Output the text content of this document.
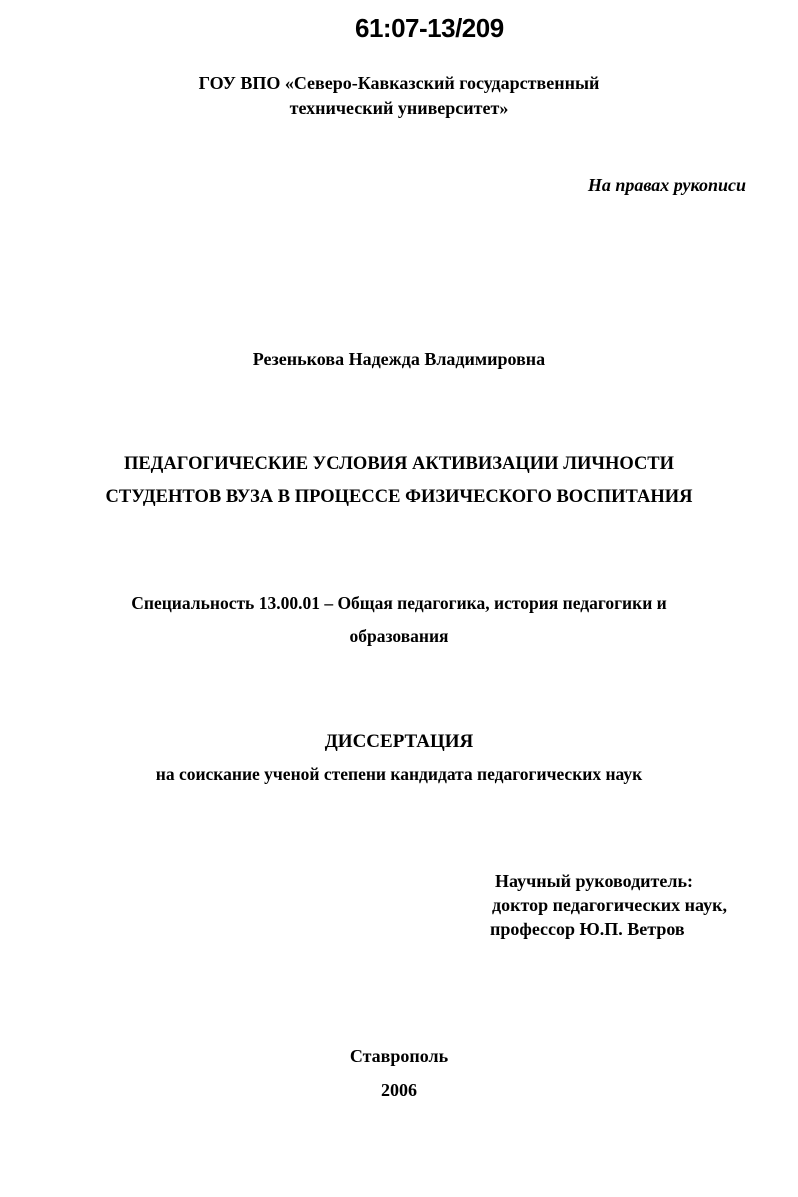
61:07-13/209
ГОУ ВПО «Северо-Кавказский государственный
технический университет»
На правах рукописи
Резенькова Надежда Владимировна
ПЕДАГОГИЧЕСКИЕ УСЛОВИЯ АКТИВИЗАЦИИ ЛИЧНОСТИ
СТУДЕНТОВ ВУЗА В ПРОЦЕССЕ ФИЗИЧЕСКОГО ВОСПИТАНИЯ
Специальность 13.00.01 – Общая педагогика, история педагогики и
образования
ДИССЕРТАЦИЯ
на соискание ученой степени кандидата педагогических наук
Научный руководитель:
доктор педагогических наук,
профессор Ю.П. Ветров
Ставрополь
2006
